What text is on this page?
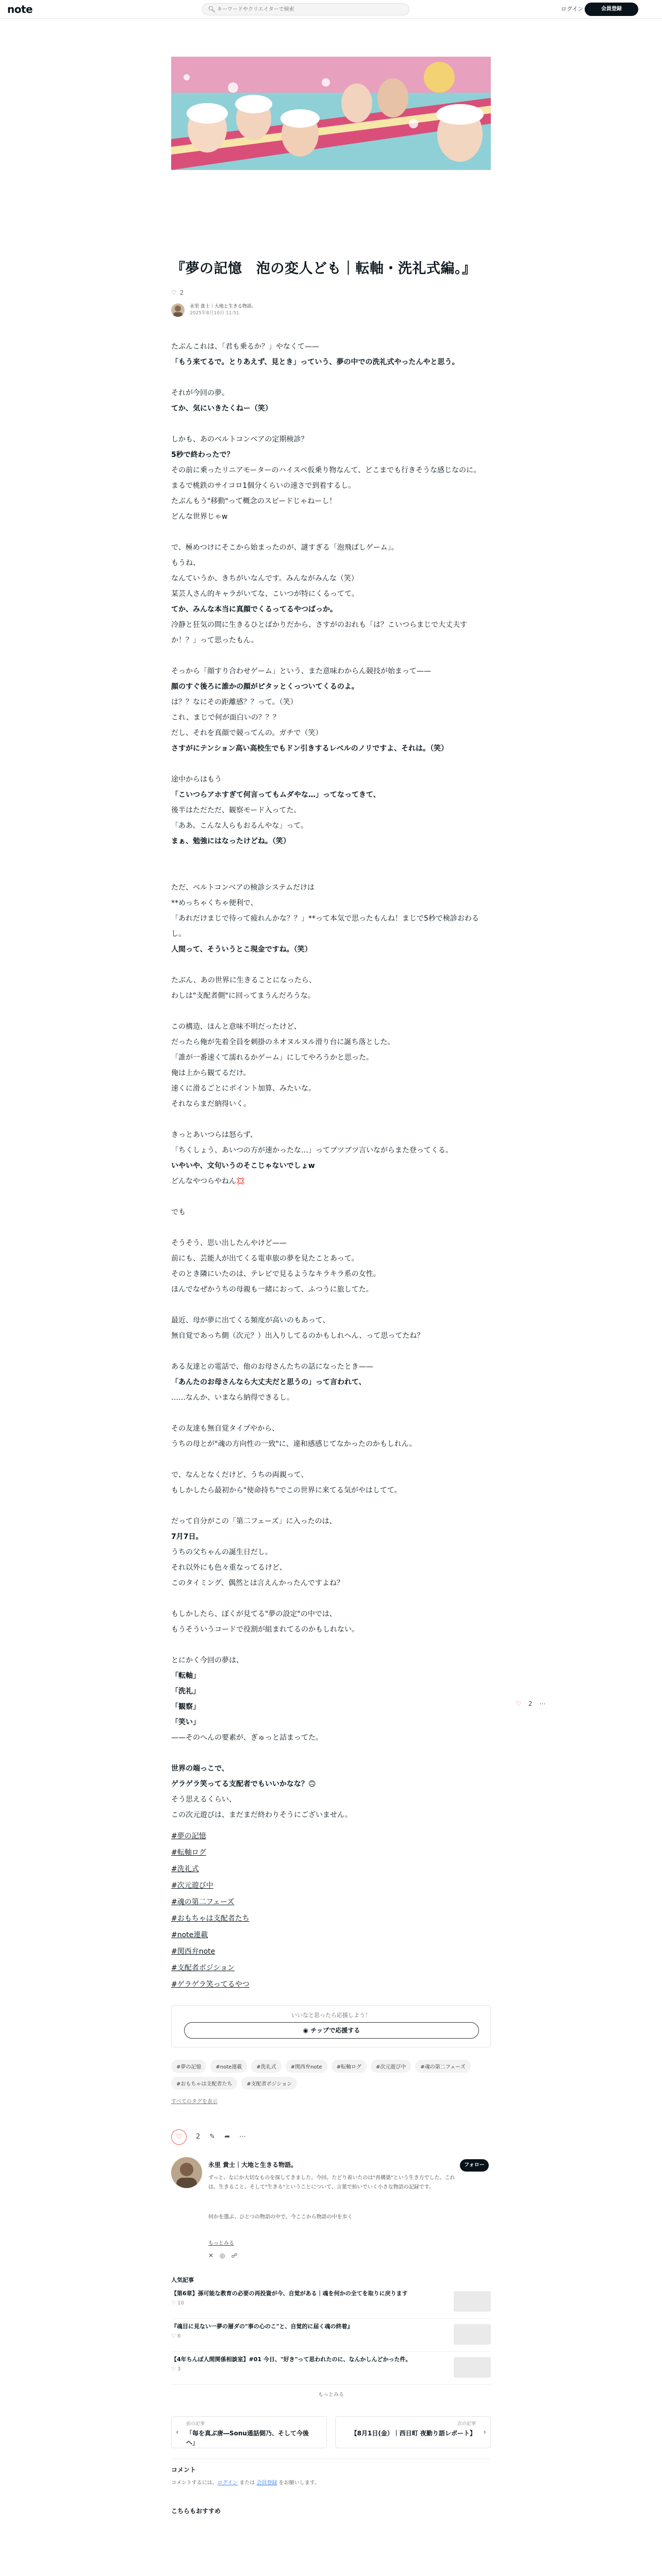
note	🔍︎
キーワードやクリエイターで検索	ログイン	会員登録
『夢の記憶　泡の変人ども｜転軸・洗礼式編。』
♡ 2
永里 貴士｜大地と生きる物語。
2025年8月10日 11:51

たぶんこれは、「君も乗るか？」やなくて——

「もう来てるで。とりあえず、見とき」っていう、夢の中での洗礼式やったんやと思う。

それが今回の夢。

てか、気にいきたくねー（笑）

しかも、あのベルトコンベアの定期検診？

5秒で終わったで？

その前に乗ったリニアモーターのハイスペ仮乗り物なんて、どこまでも行きそうな感じなのに。

まるで桃鉄のサイコロ1個分くらいの速さで到着するし。

たぶんもう"移動"って概念のスピードじゃねーし！

どんな世界じゃw

で、極めつけにそこから始まったのが、謎すぎる「泡飛ばしゲーム」。

もうね、

なんていうか、きちがいなんです。みんながみんな（笑）

某芸人さん的キャラがいてな、こいつが特にくるってて。

てか、みんな本当に真顔でくるってるやつばっか。

冷静と狂気の間に生きるひとばかりだから、さすがのおれも「は？こいつらまじで大丈夫すか！？」って思ったもん。

そっから「顔すり合わせゲーム」という、また意味わからん競技が始まって——

顔のすぐ後ろに誰かの顔がピタッとくっついてくるのよ。

は？？なにその距離感？？って。（笑）

これ、まじで何が面白いの？？？

だし、それを真顔で競ってんの。ガチで（笑）

さすがにテンション高い高校生でもドン引きするレベルのノリですよ、それは。（笑）

途中からはもう

「こいつらアホすぎて何言ってもムダやな…」ってなってきて、

後半はただただ、観察モード入ってた。

「ああ、こんな人らもおるんやな」って。

まぁ、勉強にはなったけどね。（笑）

ただ、ベルトコンベアの検診システムだけは

**めっちゃくちゃ便利で、

「あれだけまじで待って疲れんかな？？」**って本気で思ったもんね！まじで5秒で検診おわるし。

人間って、そういうとこ現金ですね。（笑）

たぶん、あの世界に生きることになったら、

わしは"支配者側"に回ってまうんだろうな。

この構造、ほんと意味不明だったけど、

だったら俺が先着全員を刺掛のネオヌルヌル滑り台に誕ち落とした。

「誰が一番速くて濡れるかゲーム」にしてやろうかと思った。

俺は上から観てるだけ。

速くに滑るごとにポイント加算、みたいな。

それならまだ納得いく。

きっとあいつらは怒らず、

「ちくしょう、あいつの方が速かったな…」ってブツブツ言いながらまた登ってくる。

いやいや、文句いうのそこじゃないでしょw

どんなやつらやねん💢

でも

そうそう、思い出したんやけど——

前にも、芸能人が出てくる電車旅の夢を見たことあって。

そのとき隣にいたのは、テレビで見るようなキラキラ系の女性。

ほんでなぜかうちの母親も一緒におって、ふつうに旅してた。

最近、母が夢に出てくる頻度が高いのもあって、

無自覚であっち側（次元？）出入りしてるのかもしれへん、って思ってたね？

ある友達との電話で、他のお母さんたちの話になったとき——

「あんたのお母さんなら大丈夫だと思うの」って言われて、

……なんか、いまなら納得できるし。

その友達も無自覚タイプやから、

うちの母とが"魂の方向性の一致"に、違和感感じてなかったのかもしれん。

で、なんとなくだけど、うちの両親って、

もしかしたら最初から"使命持ち"でこの世界に来てる気がやはしてて。

だって自分がこの「第二フェーズ」に入ったのは、

7月7日。

うちの父ちゃんの誕生日だし。

それ以外にも色々重なってるけど、

このタイミング、偶然とは言えんかったんですよね？

もしかしたら、ぼくが見てる"夢の設定"の中では、

もうそういうコードで役割が組まれてるのかもしれない。

とにかく今回の夢は、

「転軸」

「洗礼」

「観察」

「笑い」

——そのへんの要素が、ぎゅっと詰まってた。

世界の端っこで、

ゲラゲラ笑ってる支配者でもいいかなな？🙃

そう思えるくらい、

この次元遊びは、まだまだ終わりそうにございません。

#夢の記憶
#転軸ログ
#洗礼式
#次元遊び中
#魂の第二フェーズ
#おもちゃは支配者たち
#note連載
#関西弁note
#支配者ポジション
#ゲラゲラ笑ってるやつ
いいなと思ったら応援しよう！
◉ チップで応援する
#夢の記憶	#note連載	#洗礼式	#関西弁note	#転軸ログ	#次元遊び中	#魂の第二フェーズ
#おもちゃは支配者たち	#支配者ポジション
すべてのタグを表示
♡	2 ✎ ➦ ⋯
永里 貴士｜大地と生きる物語。	フォロー
ずっと、なにか大切なものを探してきました。今回、たどり着いたのは"再構築"という生き方でした。これは、生きること、そして"生きる"ということについて、言葉で紡いでいく小さな物語の記録です。
何かを選ぶ、ひとつの物語の中で。今ここから物語の中を歩く
もっとみる
✕ ◎ ☍
人気記事
【第6章】孫可能な教育の必要の再投資が今、自覚がある｜魂を何かの全てを取りに戻ります
♡ 10
『魂目に見ない一夢の層ダの"事の心のこ"と、自覚的に届く魂の終着』
♡ 6
【4年ちんぽ人間関係相談室】#01 今日、"好き"って思われたのに、なんかしんどかった件。
♡ 3
もっとみる
‹
前の記事
「毎を真ぶ唐―Sonu通話側乃、そして今後へ」
›
次の記事
【8月1日(金）｜西日町 夜勤り語レポート】
コメント
コメントするには、ログイン または 会員登録 をお願いします。
こちらもおすすめ
♡ 2 ⋯
